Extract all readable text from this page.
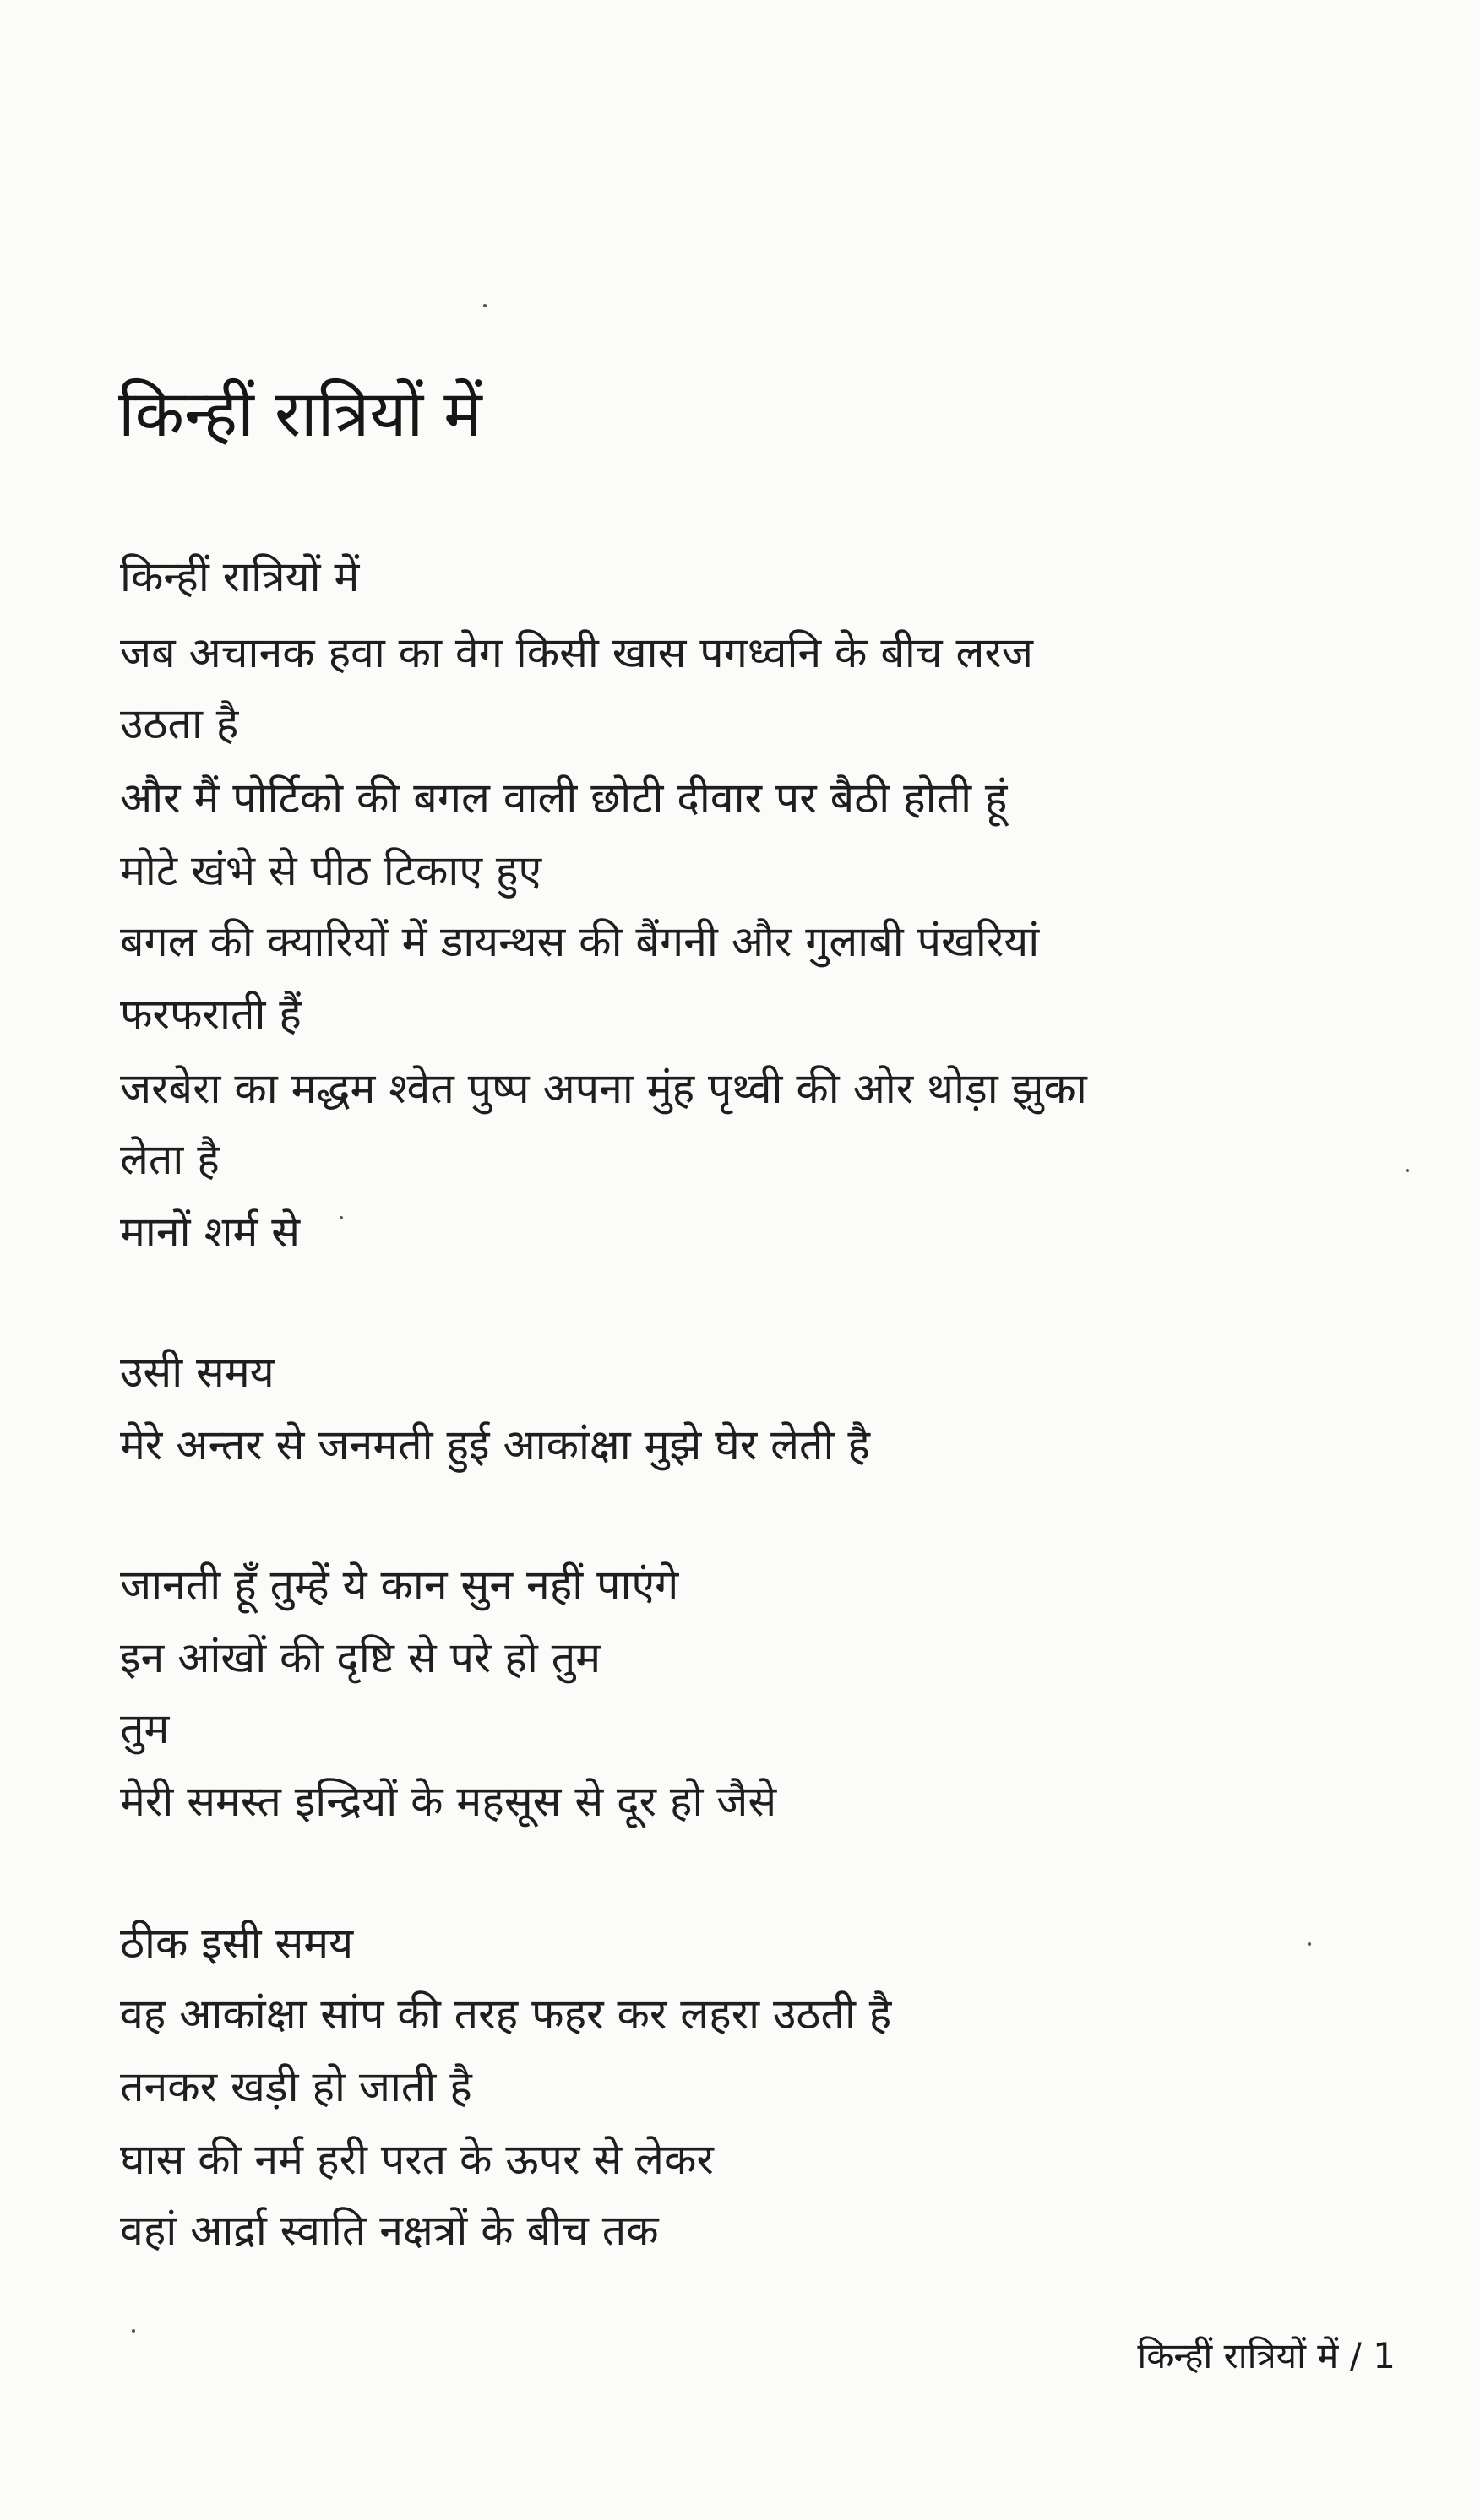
किन्हीं रात्रियों में

किन्हीं रात्रियों में

जब अचानक हवा का वेग किसी खास पगध्वनि के बीच लरज

उठता है

और मैं पोर्टिको की बगल वाली छोटी दीवार पर बैठी होती हूं

मोटे खंभे से पीठ टिकाए हुए

बगल की क्यारियों में डायन्थस की बैंगनी और गुलाबी पंखरियां

फरफराती हैं

जरबेरा का मद्धम श्वेत पुष्प अपना मुंह पृथ्वी की ओर थोड़ा झुका

लेता है

मानों शर्म से

उसी समय

मेरे अन्तर से जनमती हुई आकांक्षा मुझे घेर लेती है

जानती हूँ तुम्हें ये कान सुन नहीं पाएंगे

इन आंखों की दृष्टि से परे हो तुम

तुम

मेरी समस्त इन्द्रियों के महसूस से दूर हो जैसे

ठीक इसी समय

वह आकांक्षा सांप की तरह फहर कर लहरा उठती है

तनकर खड़ी हो जाती है

घास की नर्म हरी परत के ऊपर से लेकर

वहां आर्द्रा स्वाति नक्षत्रों के बीच तक

किन्हीं रात्रियों में / 1
